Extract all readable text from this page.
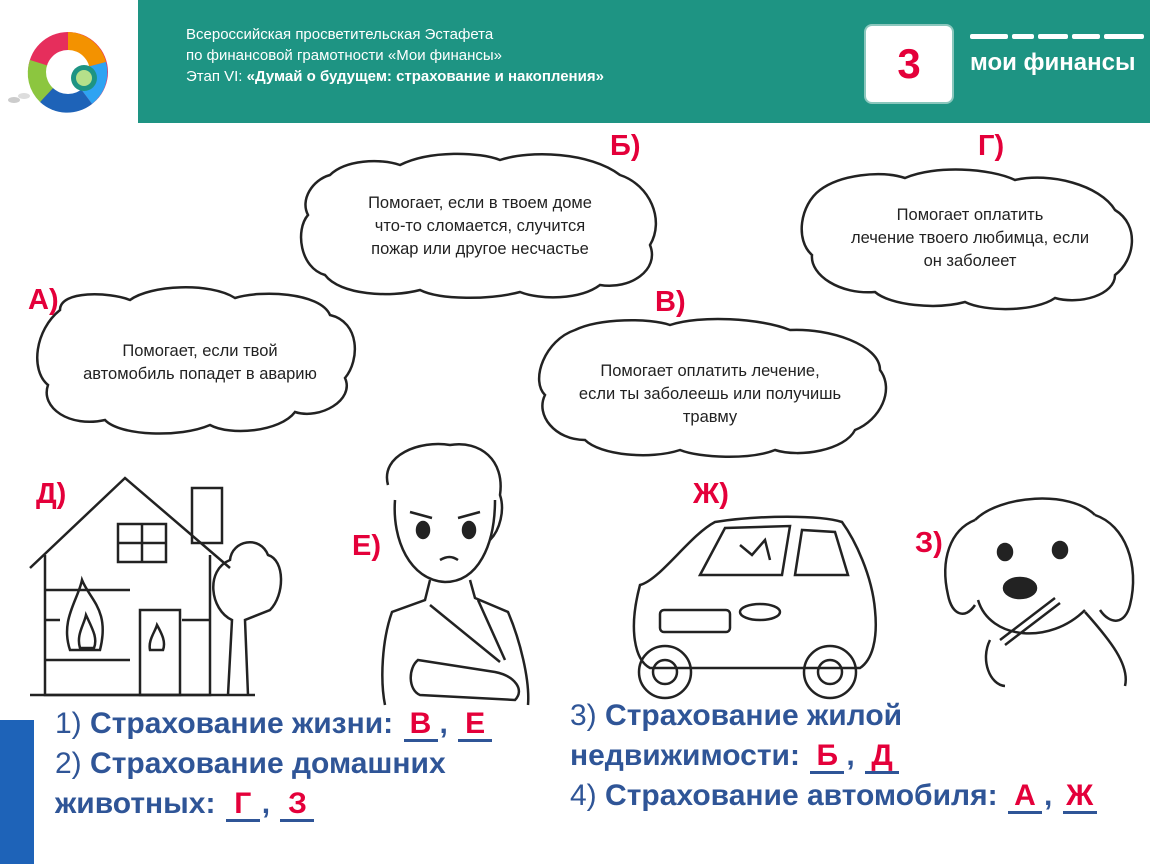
Всероссийская просветительская Эстафета
по финансовой грамотности «Мои финансы»
Этап VI: «Думай о будущем: страхование и накопления»	3	мои финансы
А)
Помогает, если твой
автомобиль попадет в аварию
Б)
Помогает, если в твоем доме
что-то сломается, случится
пожар или другое несчастье
В)
Помогает оплатить лечение,
если ты заболеешь или получишь
травму
Г)
Помогает оплатить
лечение твоего любимца, если
он заболеет
Д)
Е)
Ж)
З)
1) Страхование жизни: В , Е
2) Страхование домашних
животных: Г , З
3) Страхование жилой
недвижимости: Б , Д
4) Страхование автомобиля: А , Ж
